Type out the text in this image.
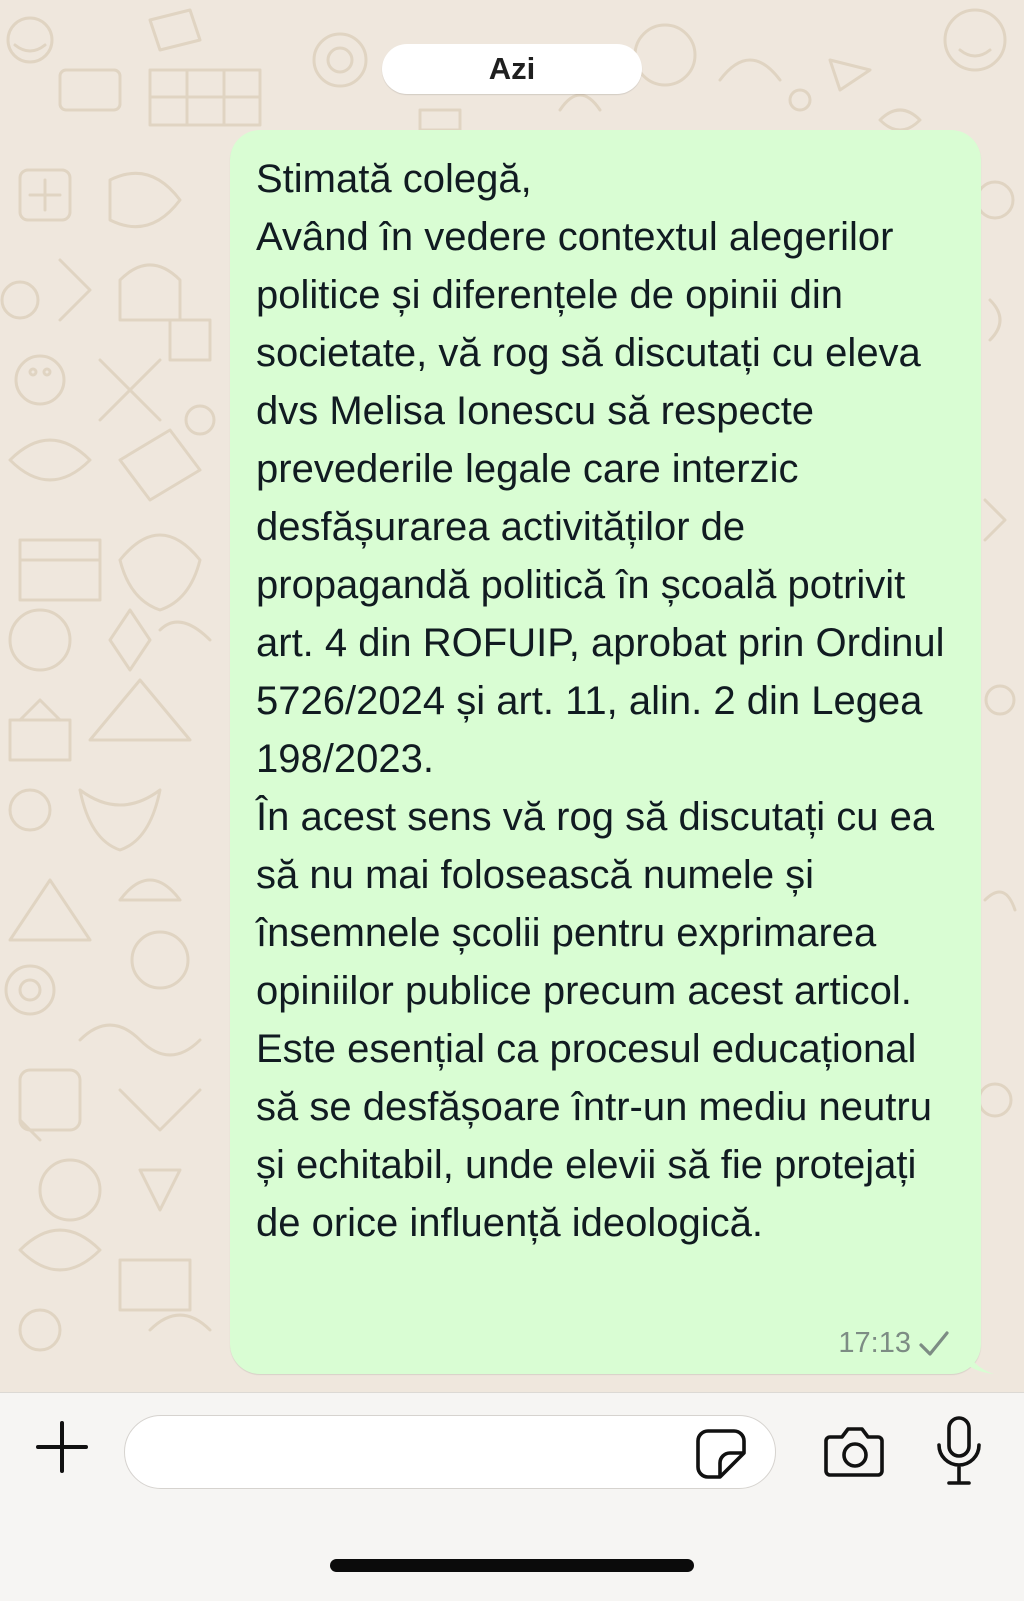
Azi

Stimată colegă,
Având în vedere contextul alegerilor politice și diferențele de opinii din societate, vă rog să discutați cu eleva dvs Melisa Ionescu să respecte prevederile legale care interzic desfășurarea activităților de propagandă politică în școală potrivit art. 4 din ROFUIP, aprobat prin Ordinul 5726/2024 și art. 11, alin. 2 din Legea 198/2023.
În acest sens vă rog să discutați cu ea să nu mai folosească numele și însemnele școlii pentru exprimarea opiniilor publice precum acest articol.
Este esențial ca procesul educațional să se desfășoare într-un mediu neutru și echitabil, unde elevii să fie protejați de orice influență ideologică.

17:13
